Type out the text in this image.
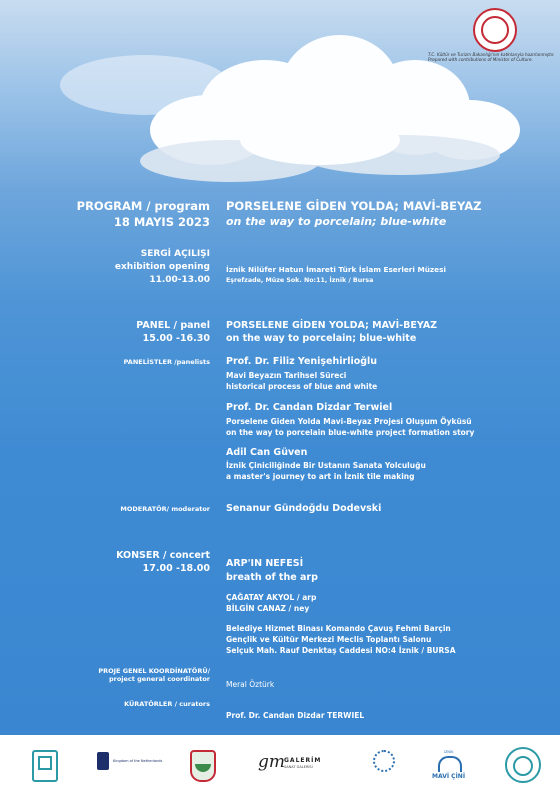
T.C. Kültür ve Turizm Bakanlığı'nın katkılarıyla hazırlanmıştır. Prepared with contributions of Ministor of Culture.
PROGRAM / program
18 MAYIS 2023
PORSELENE GİDEN YOLDA; MAVİ-BEYAZ
on the way to porcelain; blue-white
SERGİ AÇILIŞI
exhibition opening
11.00-13.00
İznik Nilüfer Hatun İmareti Türk İslam Eserleri Müzesi
Eşrefzade, Müze Sok. No:11, İznik / Bursa
PANEL / panel
15.00 -16.30
PORSELENE GİDEN YOLDA; MAVİ-BEYAZ
on the way to porcelain; blue-white
PANELİSTLER /panelists Prof. Dr. Filiz Yenişehirlioğlu
Mavi Beyazın Tarihsel Süreci
historical process of blue and white
Prof. Dr. Candan Dizdar Terwiel
Porselene Giden Yolda Mavi-Beyaz Projesi Oluşum Öyküsü
on the way to porcelain blue-white project formation story
Adil Can Güven
İznik Çiniciliğinde Bir Ustanın Sanata Yolculuğu
a master's journey to art in İznik tile making
MODERATÖR/ moderator Senanur Gündoğdu Dodevski
KONSER / concert
17.00 -18.00 ARP'IN NEFESİ
breath of the arp
ÇAĞATAY AKYOL / arp
BİLGİN CANAZ / ney
Belediye Hizmet Binası Komando Çavuş Fehmi Barçin
Gençlik ve Kültür Merkezi Meclis Toplantı Salonu
Selçuk Mah. Rauf Denktaş Caddesi NO:4 İznik / BURSA
PROJE GENEL KOORDİNATÖRÜ/
project general coordinator
Meral Öztürk
KÜRATÖRLER / curators
Prof. Dr. Candan Dizdar TERWIEL
Kingdom of the Netherlands	gm
GALERİM
SANAT GALERİSİ
İZNİK
MAVİ ÇİNİ
